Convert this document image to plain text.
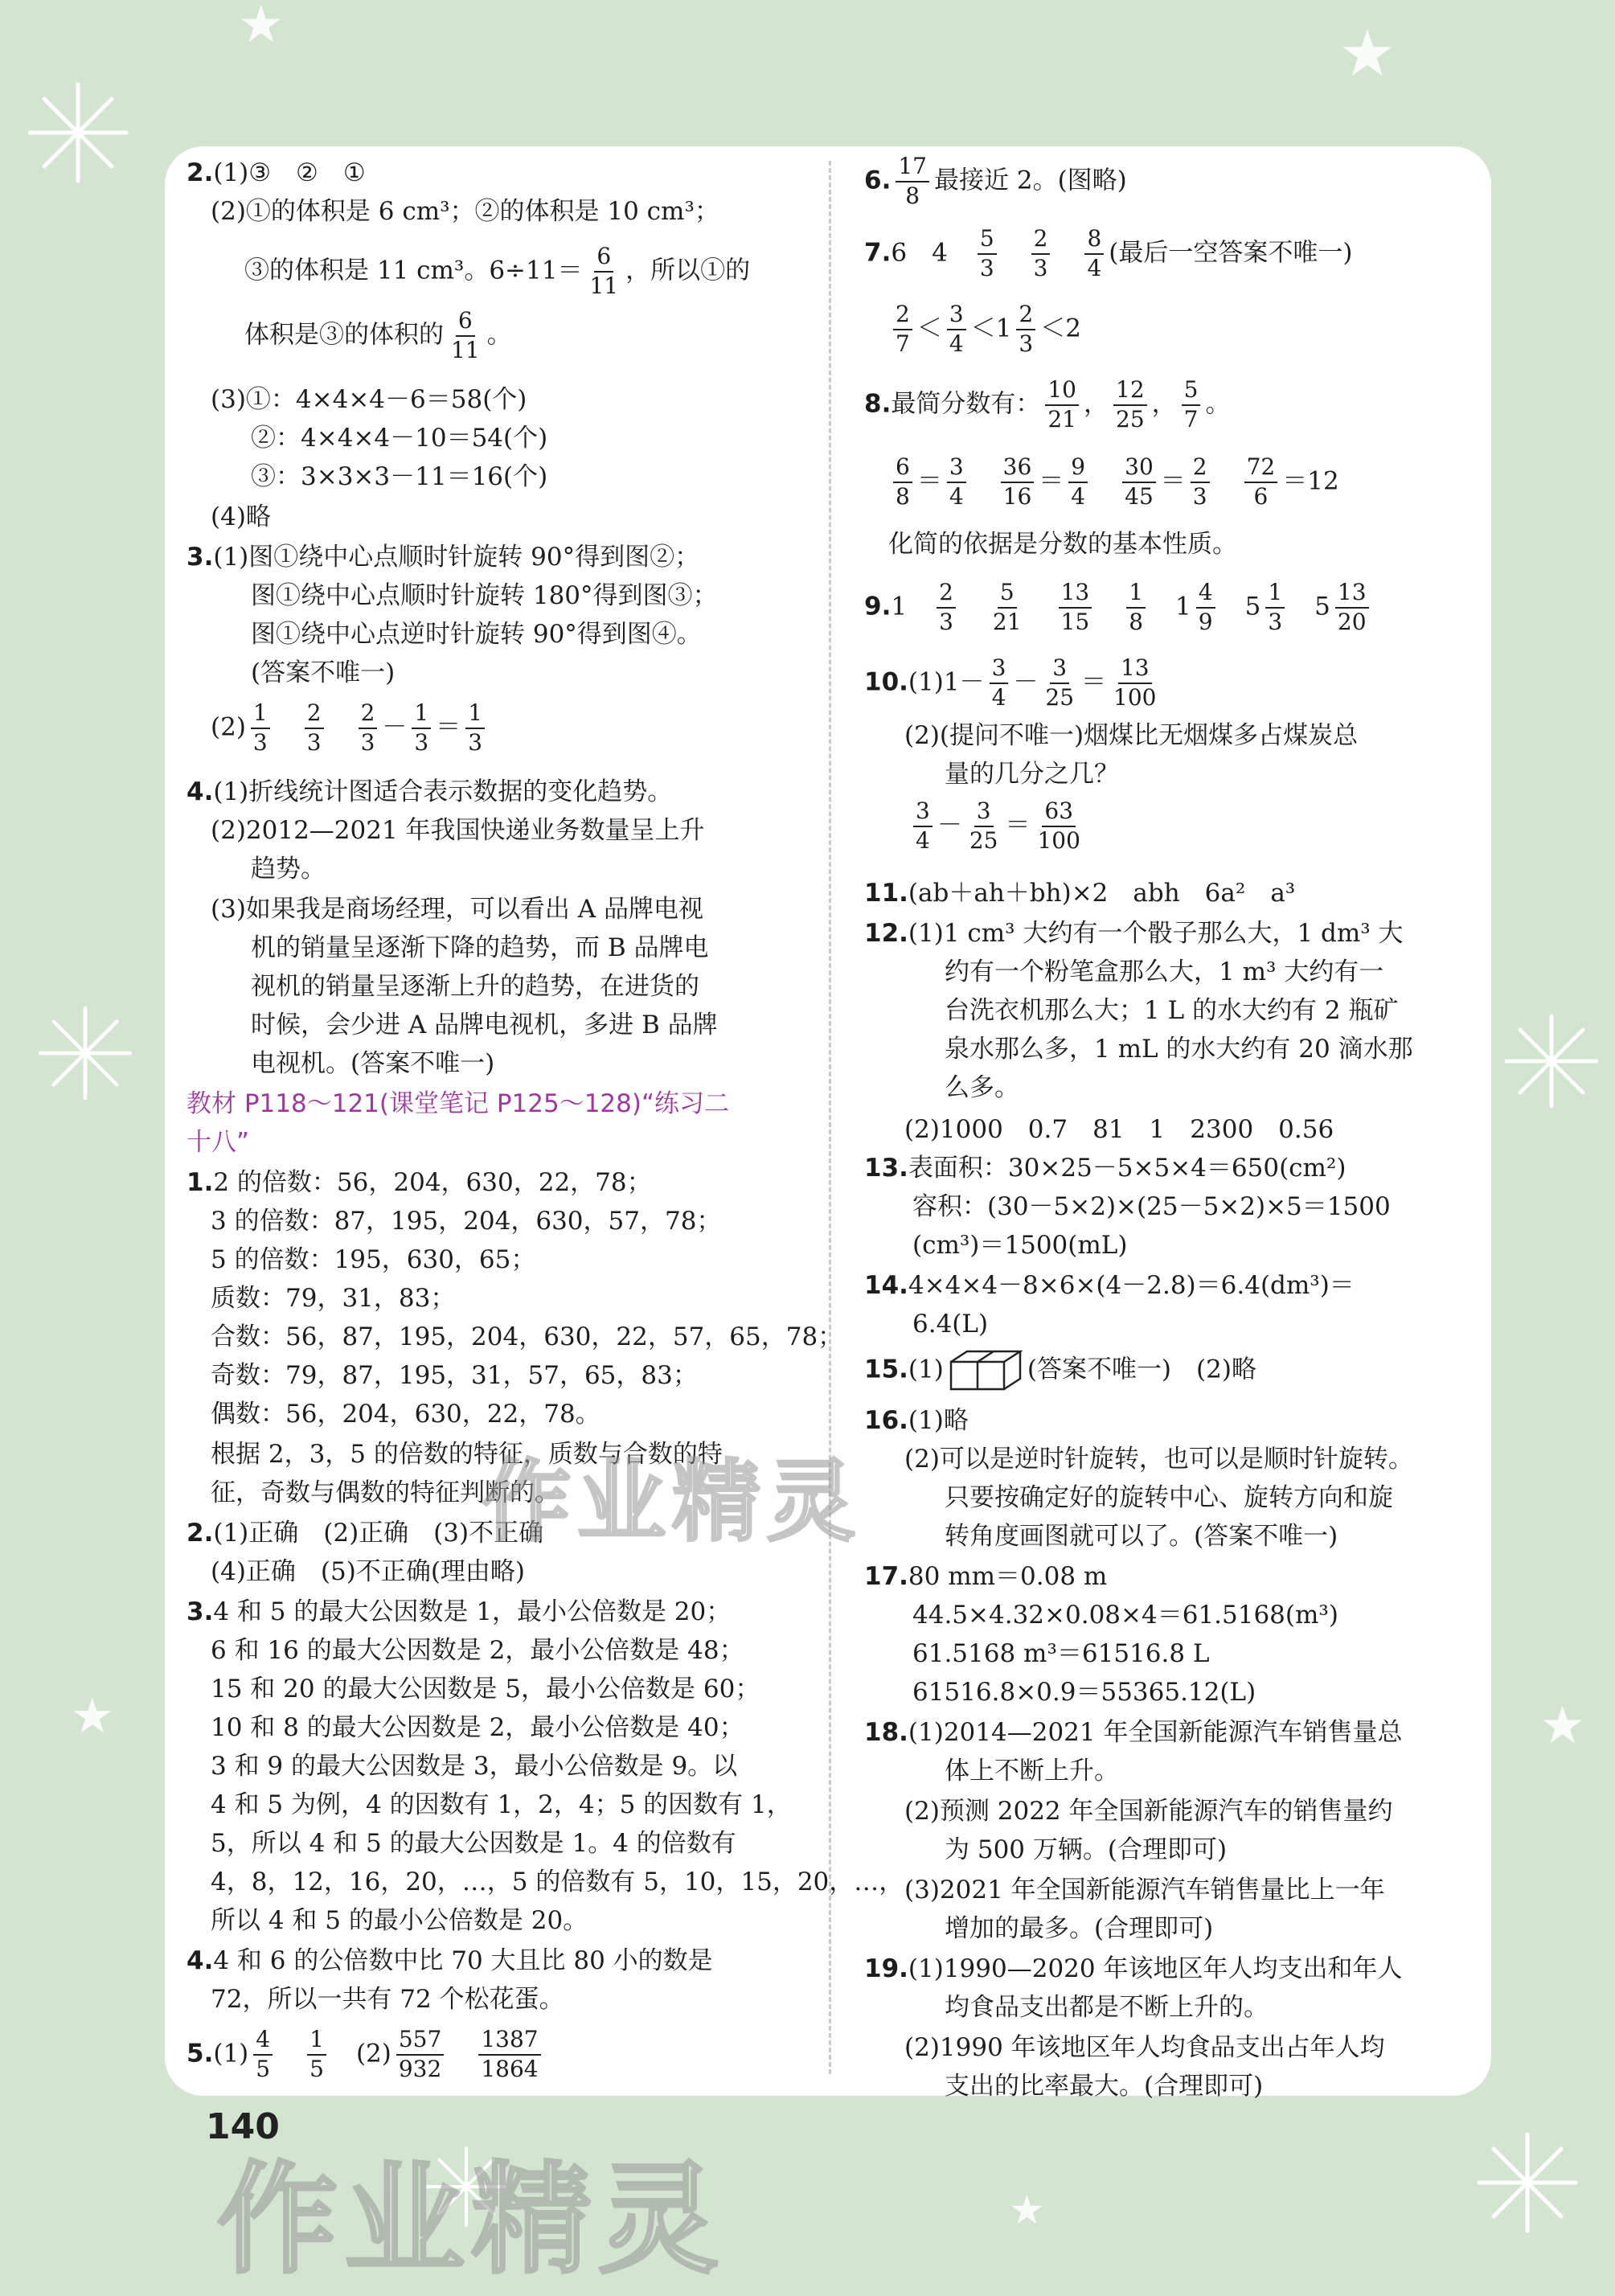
★	★
★	★
★
2.(1)③　②　①
(2)①的体积是 6 cm³；②的体积是 10 cm³；
③的体积是 11 cm³。$6\div 11= \frac{6}{11}$ ，所以①的
体积是③的体积的 $\frac{6}{11}$ 。
(3)①：4×4×4－6＝58(个)
②：4×4×4－10＝54(个)
③：3×3×3－11＝16(个)
(4)略
3.(1)图①绕中心点顺时针旋转 90°得到图②；
图①绕中心点顺时针旋转 180°得到图③；
图①绕中心点逆时针旋转 90°得到图④。
(答案不唯一)
$(2) \frac{1}{3}$
　 $\frac{2}{3}$
　 $\frac{2}{3} - \frac{1}{3} = \frac{1}{3}$
4.(1)折线统计图适合表示数据的变化趋势。
(2)2012—2021 年我国快递业务数量呈上升
趋势。
(3)如果我是商场经理，可以看出 A 品牌电视
机的销量呈逐渐下降的趋势，而 B 品牌电
视机的销量呈逐渐上升的趋势，在进货的
时候，会少进 A 品牌电视机，多进 B 品牌
电视机。(答案不唯一)
教材 P118～121(课堂笔记 P125～128)“练习二
十八”
1.2 的倍数：56，204，630，22，78；
3 的倍数：87，195，204，630，57，78；
5 的倍数：195，630，65；
质数：79，31，83；
合数：56，87，195，204，630，22，57，65，78；
奇数：79，87，195，31，57，65，83；
偶数：56，204，630，22，78。
根据 2，3，5 的倍数的特征，质数与合数的特
征，奇数与偶数的特征判断的。
2.(1)正确　(2)正确　(3)不正确
(4)正确　(5)不正确(理由略)
3.4 和 5 的最大公因数是 1，最小公倍数是 20；
6 和 16 的最大公因数是 2，最小公倍数是 48；
15 和 20 的最大公因数是 5，最小公倍数是 60；
10 和 8 的最大公因数是 2，最小公倍数是 40；
3 和 9 的最大公因数是 3，最小公倍数是 9。以
4 和 5 为例，4 的因数有 1，2，4；5 的因数有 1，
5，所以 4 和 5 的最大公因数是 1。4 的倍数有
4，8，12，16，20，…，5 的倍数有 5，10，15，20，…，
所以 4 和 5 的最小公倍数是 20。
4.4 和 6 的公倍数中比 70 大且比 80 小的数是
72，所以一共有 72 个松花蛋。
$5.(1) \frac{4}{5}$
　 $\frac{1}{5}$
　 $(2) \frac{557}{932}$
　 $\frac{1387}{1864}$
6. $\frac{17}{8}$ 最接近 2。(图略)
7.6　4　 $\frac{5}{3}$
　 $\frac{2}{3}$
　 $\frac{8}{4}$ (最后一空答案不唯一)
$\frac{2}{7} < \frac{3}{4} <1 \frac{2}{3} <2$
8.最简分数有： $\frac{10}{21}$ ， $\frac{12}{25}$ ， $\frac{5}{7}$ 。
$\frac{6}{8} = \frac{3}{4}$
　 $\frac{36}{16} = \frac{9}{4}$
　 $\frac{30}{45} = \frac{2}{3}$
　 $\frac{72}{6} =12$
化简的依据是分数的基本性质。
9.1　 $\frac{2}{3}$
　 $\frac{5}{21}$
　 $\frac{13}{15}$
　 $\frac{1}{8}$
　 $1 \frac{4}{9}$
　 $5 \frac{1}{3}$
　 $5 \frac{13}{20}$
$10.(1)1- \frac{3}{4} - \frac{3}{25} = \frac{13}{100}$
(2)(提问不唯一)烟煤比无烟煤多占煤炭总
量的几分之几？
$\frac{3}{4} - \frac{3}{25} = \frac{63}{100}$
11.(ab＋ah＋bh)×2　abh　6a²　a³
12.(1)1 cm³ 大约有一个骰子那么大，1 dm³ 大
约有一个粉笔盒那么大，1 m³ 大约有一
台洗衣机那么大；1 L 的水大约有 2 瓶矿
泉水那么多，1 mL 的水大约有 20 滴水那
么多。
(2)1000　0.7　81　1　2300　0.56
13.表面积：30×25－5×5×4＝650(cm²)
容积：(30－5×2)×(25－5×2)×5＝1500
(cm³)＝1500(mL)
14.4×4×4－8×6×(4－2.8)＝6.4(dm³)＝
6.4(L)
15.(1)	(答案不唯一)　(2)略
16.(1)略
(2)可以是逆时针旋转，也可以是顺时针旋转。
只要按确定好的旋转中心、旋转方向和旋
转角度画图就可以了。(答案不唯一)
17.80 mm＝0.08 m
44.5×4.32×0.08×4＝61.5168(m³)
61.5168 m³＝61516.8 L
61516.8×0.9＝55365.12(L)
18.(1)2014—2021 年全国新能源汽车销售量总
体上不断上升。
(2)预测 2022 年全国新能源汽车的销售量约
为 500 万辆。(合理即可)
(3)2021 年全国新能源汽车销售量比上一年
增加的最多。(合理即可)
19.(1)1990—2020 年该地区年人均支出和年人
均食品支出都是不断上升的。
(2)1990 年该地区年人均食品支出占年人均
支出的比率最大。(合理即可)
作业精灵
作业精灵
140
